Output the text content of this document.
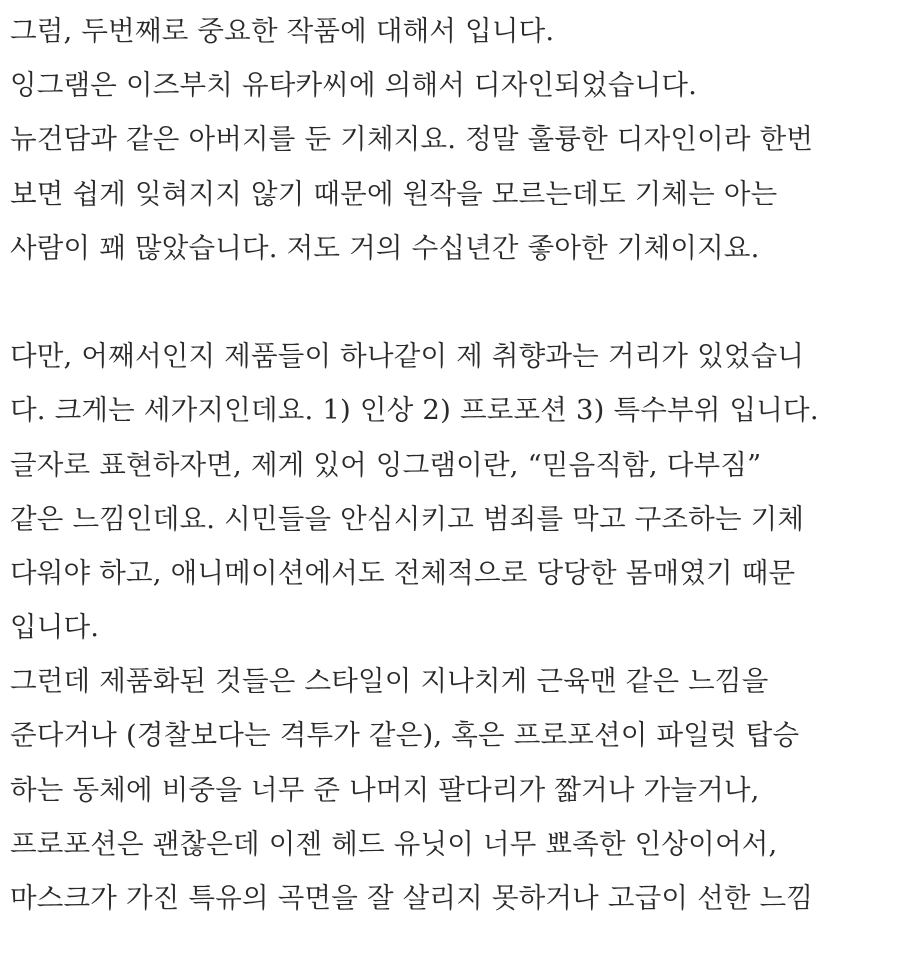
그럼, 두번째로 중요한 작품에 대해서 입니다.
잉그램은 이즈부치 유타카씨에 의해서 디자인되었습니다.
뉴건담과 같은 아버지를 둔 기체지요. 정말 훌륭한 디자인이라 한번
보면 쉽게 잊혀지지 않기 때문에 원작을 모르는데도 기체는 아는
사람이 꽤 많았습니다. 저도 거의 수십년간 좋아한 기체이지요.
다만, 어째서인지 제품들이 하나같이 제 취향과는 거리가 있었습니
다. 크게는 세가지인데요. 1) 인상 2) 프로포션 3) 특수부위 입니다.
글자로 표현하자면, 제게 있어 잉그램이란, “믿음직함, 다부짐”
같은 느낌인데요. 시민들을 안심시키고 범죄를 막고 구조하는 기체
다워야 하고, 애니메이션에서도 전체적으로 당당한 몸매였기 때문
입니다.
그런데 제품화된 것들은 스타일이 지나치게 근육맨 같은 느낌을
준다거나 (경찰보다는 격투가 같은), 혹은 프로포션이 파일럿 탑승
하는 동체에 비중을 너무 준 나머지 팔다리가 짧거나 가늘거나,
프로포션은 괜찮은데 이젠 헤드 유닛이 너무 뾰족한 인상이어서,
마스크가 가진 특유의 곡면을 잘 살리지 못하거나 고급이 선한 느낌
